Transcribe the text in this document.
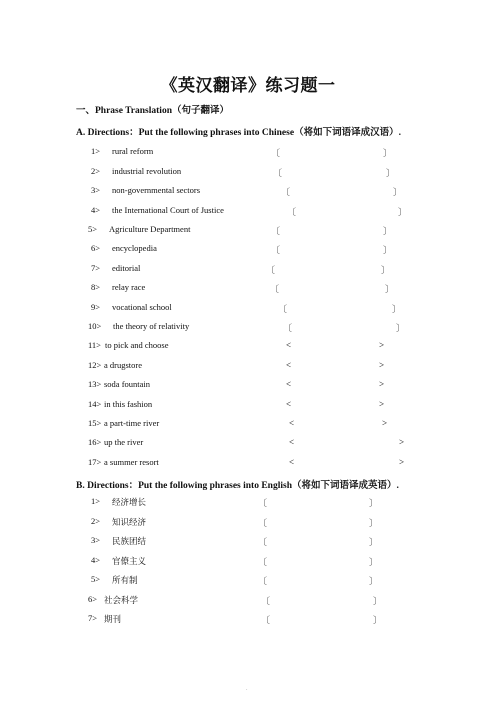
《英汉翻译》练习题一
一、Phrase Translation（句子翻译）
A. Directions：Put the following phrases into Chinese（将如下词语译成汉语）.
1> rural reform	〔	〕
2> industrial revolution	〔	〕
3> non-governmental sectors	〔	〕
4> the International Court of Justice	〔	〕
5> Agriculture Department	〔	〕
6> encyclopedia	〔	〕
7> editorial	〔	〕
8> relay race	〔	〕
9> vocational school	〔	〕
10> the theory of relativity	〔	〕
11> to pick and choose	<	>
12> a drugstore	<	>
13> soda fountain	<	>
14> in this fashion	<	>
15> a part-time river	<	>
16> up the river	<	>
17> a summer resort	<	>
B. Directions：Put the following phrases into English（将如下词语译成英语）.
1> 经济增长	〔	〕
2> 知识经济	〔	〕
3> 民族团结	〔	〕
4> 官僚主义	〔	〕
5> 所有制	〔	〕
6> 社会科学	〔	〕
7> 期刊	〔	〕
.
